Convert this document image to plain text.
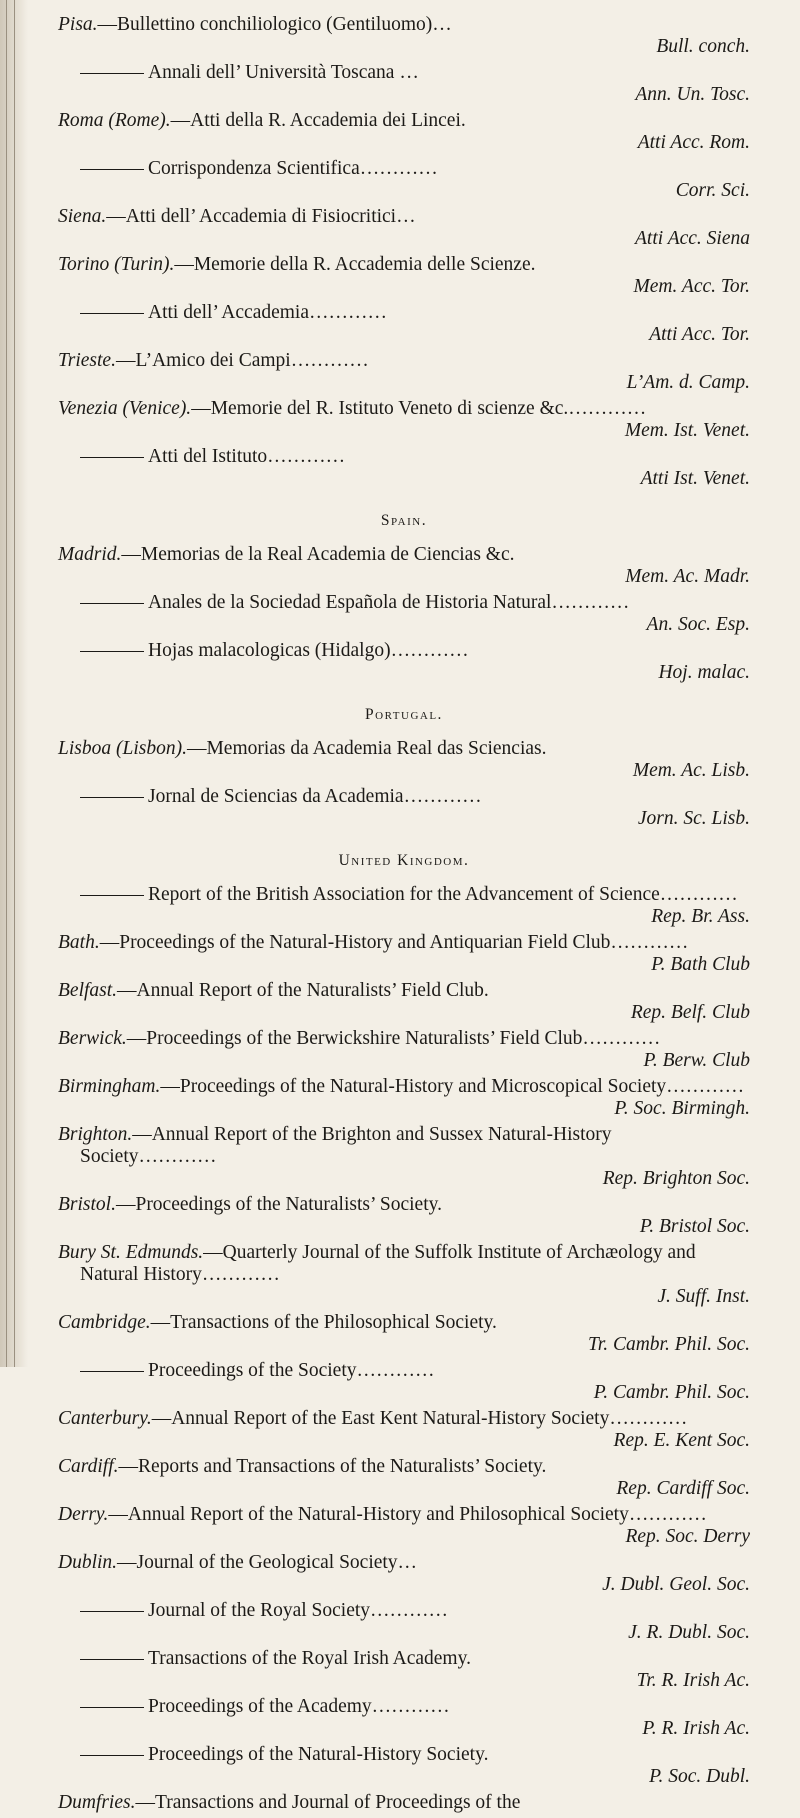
Pisa.—Bullettino conchiliologico (Gentiluomo)…
Bull. conch.
Annali dell’ Università Toscana …
Ann. Un. Tosc.
Roma (Rome).—Atti della R. Accademia dei Lincei.
Atti Acc. Rom.
Corrispondenza Scientifica…………
Corr. Sci.
Siena.—Atti dell’ Accademia di Fisiocritici…
Atti Acc. Siena
Torino (Turin).—Memorie della R. Accademia delle Scienze.
Mem. Acc. Tor.
Atti dell’ Accademia…………
Atti Acc. Tor.
Trieste.—L’Amico dei Campi…………
L’Am. d. Camp.
Venezia (Venice).—Memorie del R. Istituto Veneto di scienze &c.…………
Mem. Ist. Venet.
Atti del Istituto…………
Atti Ist. Venet.
Spain.
Madrid.—Memorias de la Real Academia de Ciencias &c.
Mem. Ac. Madr.
Anales de la Sociedad Española de Historia Natural…………
An. Soc. Esp.
Hojas malacologicas (Hidalgo)…………
Hoj. malac.
Portugal.
Lisboa (Lisbon).—Memorias da Academia Real das Sciencias.
Mem. Ac. Lisb.
Jornal de Sciencias da Academia…………
Jorn. Sc. Lisb.
United Kingdom.
Report of the British Association for the Advancement of Science…………
Rep. Br. Ass.
Bath.—Proceedings of the Natural-History and Antiquarian Field Club…………
P. Bath Club
Belfast.—Annual Report of the Naturalists’ Field Club.
Rep. Belf. Club
Berwick.—Proceedings of the Berwickshire Naturalists’ Field Club…………
P. Berw. Club
Birmingham.—Proceedings of the Natural-History and Microscopical Society…………
P. Soc. Birmingh.
Brighton.—Annual Report of the Brighton and Sussex Natural-History Society…………
Rep. Brighton Soc.
Bristol.—Proceedings of the Naturalists’ Society.
P. Bristol Soc.
Bury St. Edmunds.—Quarterly Journal of the Suffolk Institute of Archæology and Natural History…………
J. Suff. Inst.
Cambridge.—Transactions of the Philosophical Society.
Tr. Cambr. Phil. Soc.
Proceedings of the Society…………
P. Cambr. Phil. Soc.
Canterbury.—Annual Report of the East Kent Natural-History Society…………
Rep. E. Kent Soc.
Cardiff.—Reports and Transactions of the Naturalists’ Society.
Rep. Cardiff Soc.
Derry.—Annual Report of the Natural-History and Philosophical Society…………
Rep. Soc. Derry
Dublin.—Journal of the Geological Society…
J. Dubl. Geol. Soc.
Journal of the Royal Society…………
J. R. Dubl. Soc.
Transactions of the Royal Irish Academy.
Tr. R. Irish Ac.
Proceedings of the Academy…………
P. R. Irish Ac.
Proceedings of the Natural-History Society.
P. Soc. Dubl.
Dumfries.—Transactions and Journal of Proceedings of the
